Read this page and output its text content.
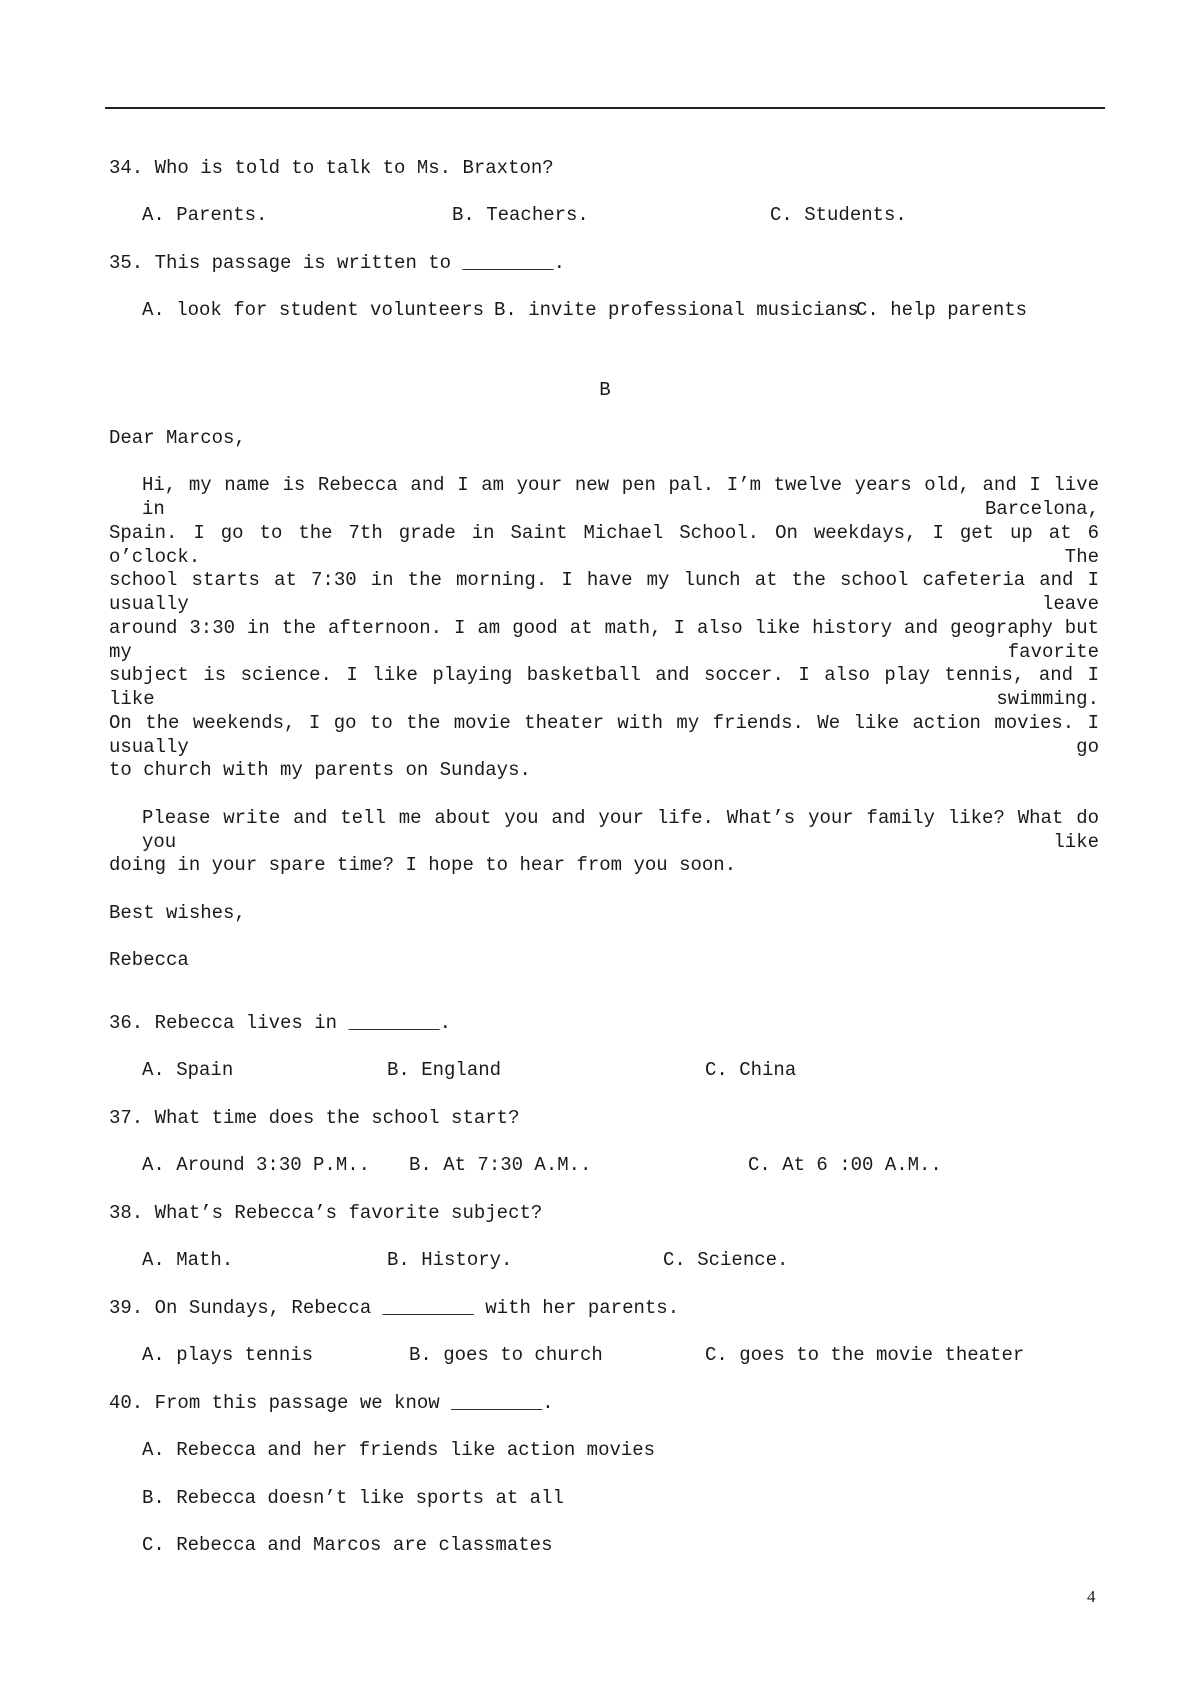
34. Who is told to talk to Ms. Braxton?
A. Parents.	B. Teachers.	C. Students.
35. This passage is written to ________.
A. look for student volunteers B. invite professional musicians
C. help parents
B
Dear Marcos,
Hi, my name is Rebecca and I am your new pen pal. I’m twelve years old, and I live in Barcelona,
Spain. I go to the 7th grade in Saint Michael School. On weekdays, I get up at 6 o’clock. The
school starts at 7:30 in the morning. I have my lunch at the school cafeteria and I usually leave
around 3:30 in the afternoon. I am good at math, I also like history and geography but my favorite
subject is science. I like playing basketball and soccer. I also play tennis, and I like swimming.
On the weekends, I go to the movie theater with my friends. We like action movies. I usually go
to church with my parents on Sundays.
Please write and tell me about you and your life. What’s your family like? What do you like
doing in your spare time? I hope to hear from you soon.
Best wishes,
Rebecca
36. Rebecca lives in ________.
A. Spain	B. England	C. China
37. What time does the school start?
A. Around 3:30 P.M.. B. At 7:30 A.M..	C. At 6 :00 A.M..
38. What’s Rebecca’s favorite subject?
A. Math.	B. History.	C. Science.
39. On Sundays, Rebecca ________ with her parents.
A. plays tennis	B. goes to church	C. goes to the movie theater
40. From this passage we know ________.
A. Rebecca and her friends like action movies
B. Rebecca doesn’t like sports at all
C. Rebecca and Marcos are classmates
4
